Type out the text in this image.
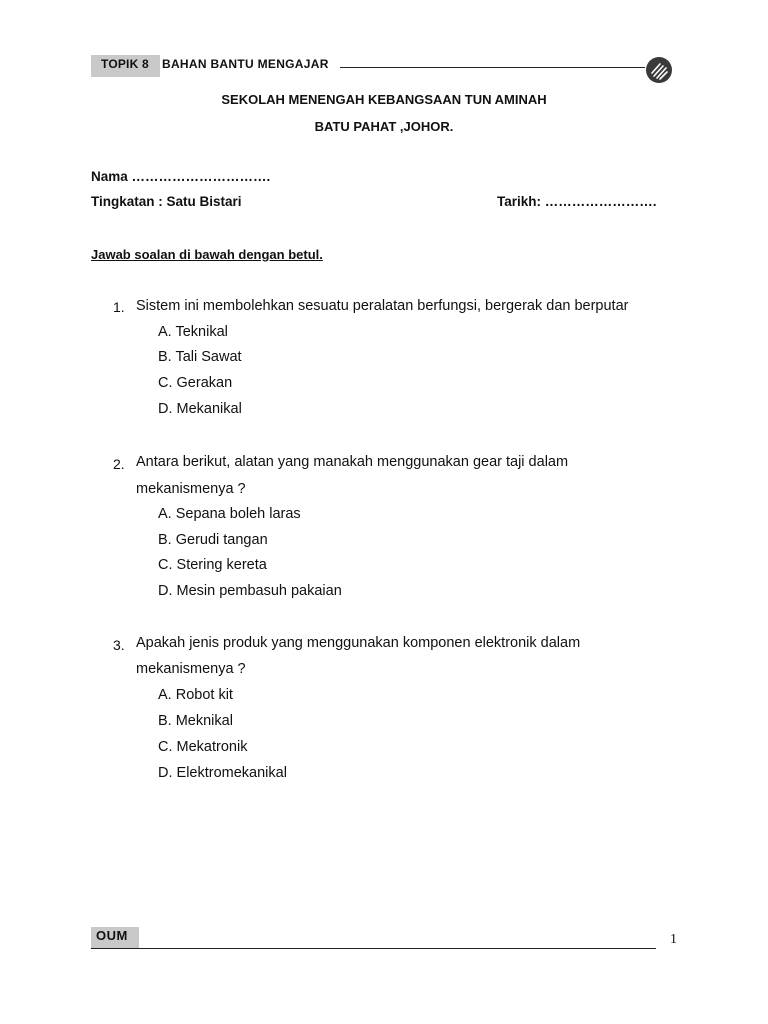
TOPIK 8 BAHAN BANTU MENGAJAR
SEKOLAH MENENGAH KEBANGSAAN TUN AMINAH
BATU PAHAT ,JOHOR.
Nama ………………………….
Tingkatan : Satu Bistari	Tarikh: …………………….
Jawab soalan di bawah dengan betul.
1. Sistem ini membolehkan sesuatu peralatan berfungsi, bergerak dan berputar
A. Teknikal
B. Tali Sawat
C. Gerakan
D. Mekanikal
2. Antara berikut, alatan yang manakah menggunakan gear taji dalam
mekanismenya ?
A. Sepana boleh laras
B. Gerudi tangan
C. Stering kereta
D. Mesin pembasuh pakaian
3. Apakah jenis produk yang menggunakan komponen elektronik dalam
mekanismenya ?
A. Robot kit
B. Meknikal
C. Mekatronik
D. Elektromekanikal
OUM	1
